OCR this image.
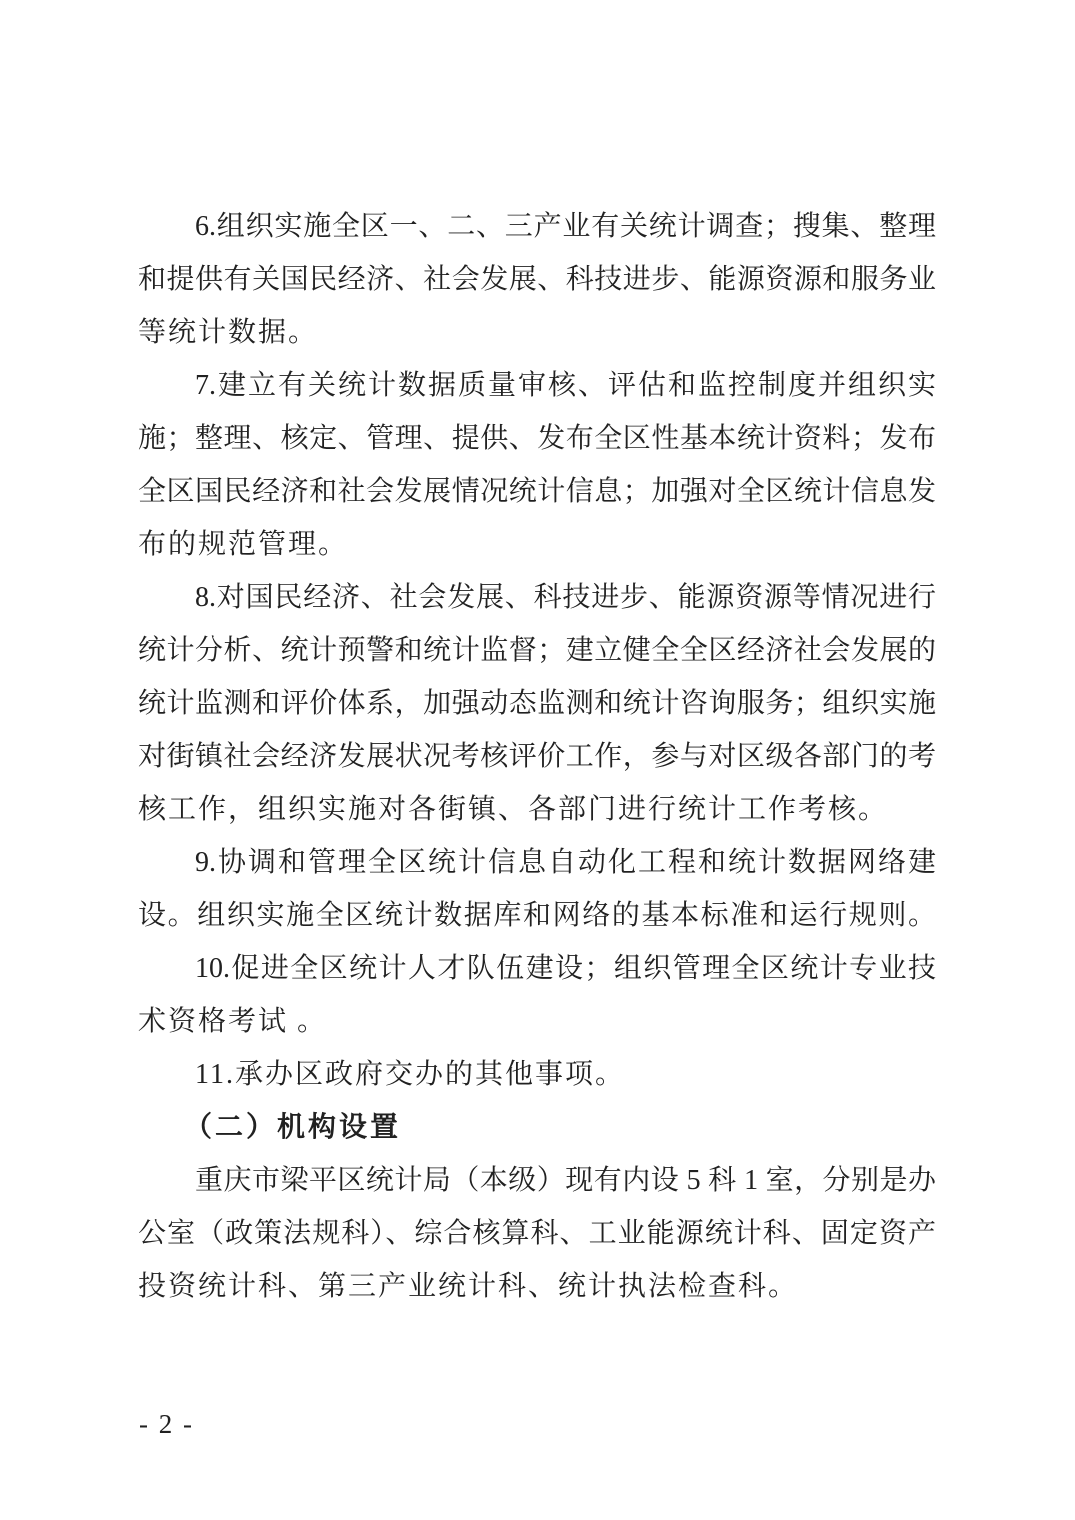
6.组织实施全区一、二、三产业有关统计调查；搜集、整理
和提供有关国民经济、社会发展、科技进步、能源资源和服务业
等统计数据。
7.建立有关统计数据质量审核、评估和监控制度并组织实
施；整理、核定、管理、提供、发布全区性基本统计资料；发布
全区国民经济和社会发展情况统计信息；加强对全区统计信息发
布的规范管理。
8.对国民经济、社会发展、科技进步、能源资源等情况进行
统计分析、统计预警和统计监督；建立健全全区经济社会发展的
统计监测和评价体系，加强动态监测和统计咨询服务；组织实施
对街镇社会经济发展状况考核评价工作，参与对区级各部门的考
核工作，组织实施对各街镇、各部门进行统计工作考核。
9.协调和管理全区统计信息自动化工程和统计数据网络建
设。组织实施全区统计数据库和网络的基本标准和运行规则。
10.促进全区统计人才队伍建设；组织管理全区统计专业技
术资格考试 。
11.承办区政府交办的其他事项。
（二）机构设置
重庆市梁平区统计局（本级）现有内设 5 科 1 室，分别是办
公室（政策法规科）、综合核算科、工业能源统计科、固定资产
投资统计科、第三产业统计科、统计执法检查科。
- 2 -
